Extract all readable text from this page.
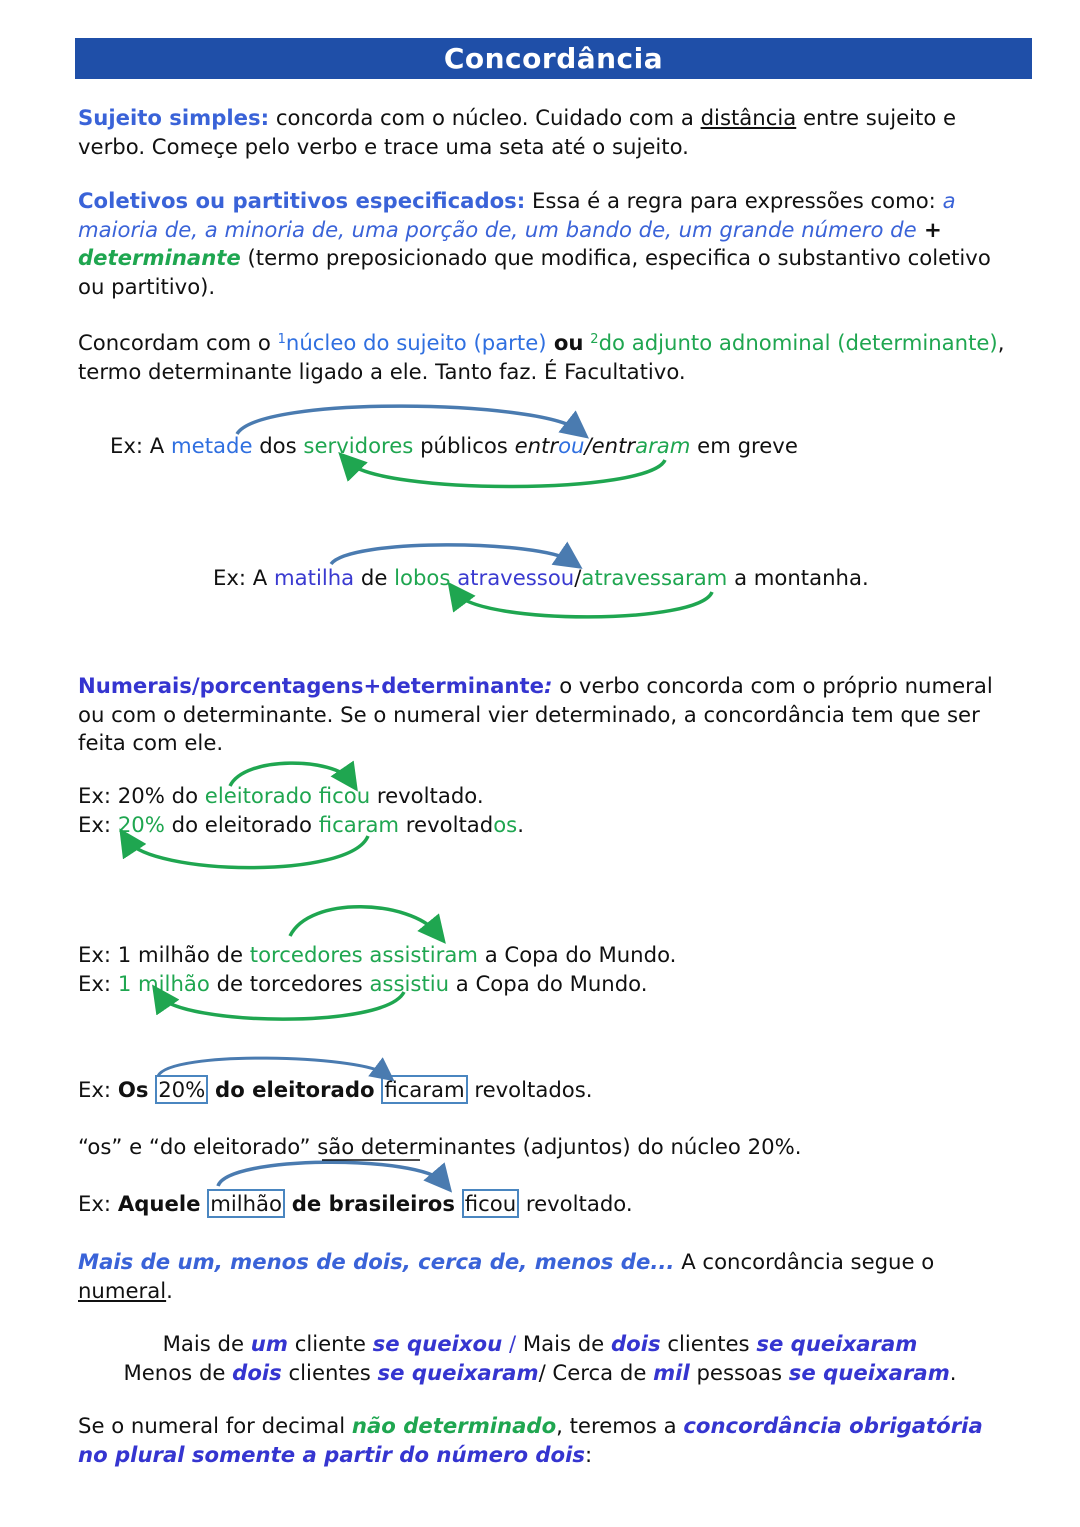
Concordância
Sujeito simples: concorda com o núcleo. Cuidado com a distância entre sujeito e
verbo. Comeҫe pelo verbo e trace uma seta até o sujeito.
Coletivos ou partitivos especificados: Essa é a regra para expressões como: a
maioria de, a minoria de, uma porção de, um bando de, um grande número de +
determinante (termo preposicionado que modifica, especifica o substantivo coletivo
ou partitivo).
Concordam com o $^1$núcleo do sujeito (parte) ou $^2$do adjunto adnominal (determinante),
termo determinante ligado a ele. Tanto faz. É Facultativo.
Ex: A metade dos servidores públicos entrou/entraram em greve
Ex: A matilha de lobos atravessou/atravessaram a montanha.
Numerais/porcentagens+determinante: o verbo concorda com o próprio numeral
ou com o determinante. Se o numeral vier determinado, a concordância tem que ser
feita com ele.
Ex: 20% do eleitorado ficou revoltado.
Ex: 20% do eleitorado ficaram revoltados.
Ex: 1 milhão de torcedores assistiram a Copa do Mundo.
Ex: 1 milhão de torcedores assistiu a Copa do Mundo.
Ex: Os 20% do eleitorado ficaram revoltados.
“os” e “do eleitorado” são determinantes (adjuntos) do núcleo 20%.
Ex: Aquele milhão de brasileiros ficou revoltado.
Mais de um, menos de dois, cerca de, menos de... A concordância segue o
numeral.
Mais de um cliente se queixou / Mais de dois clientes se queixaram
Menos de dois clientes se queixaram/ Cerca de mil pessoas se queixaram.
Se o numeral for decimal não determinado, teremos a concordância obrigatória
no plural somente a partir do número dois:
